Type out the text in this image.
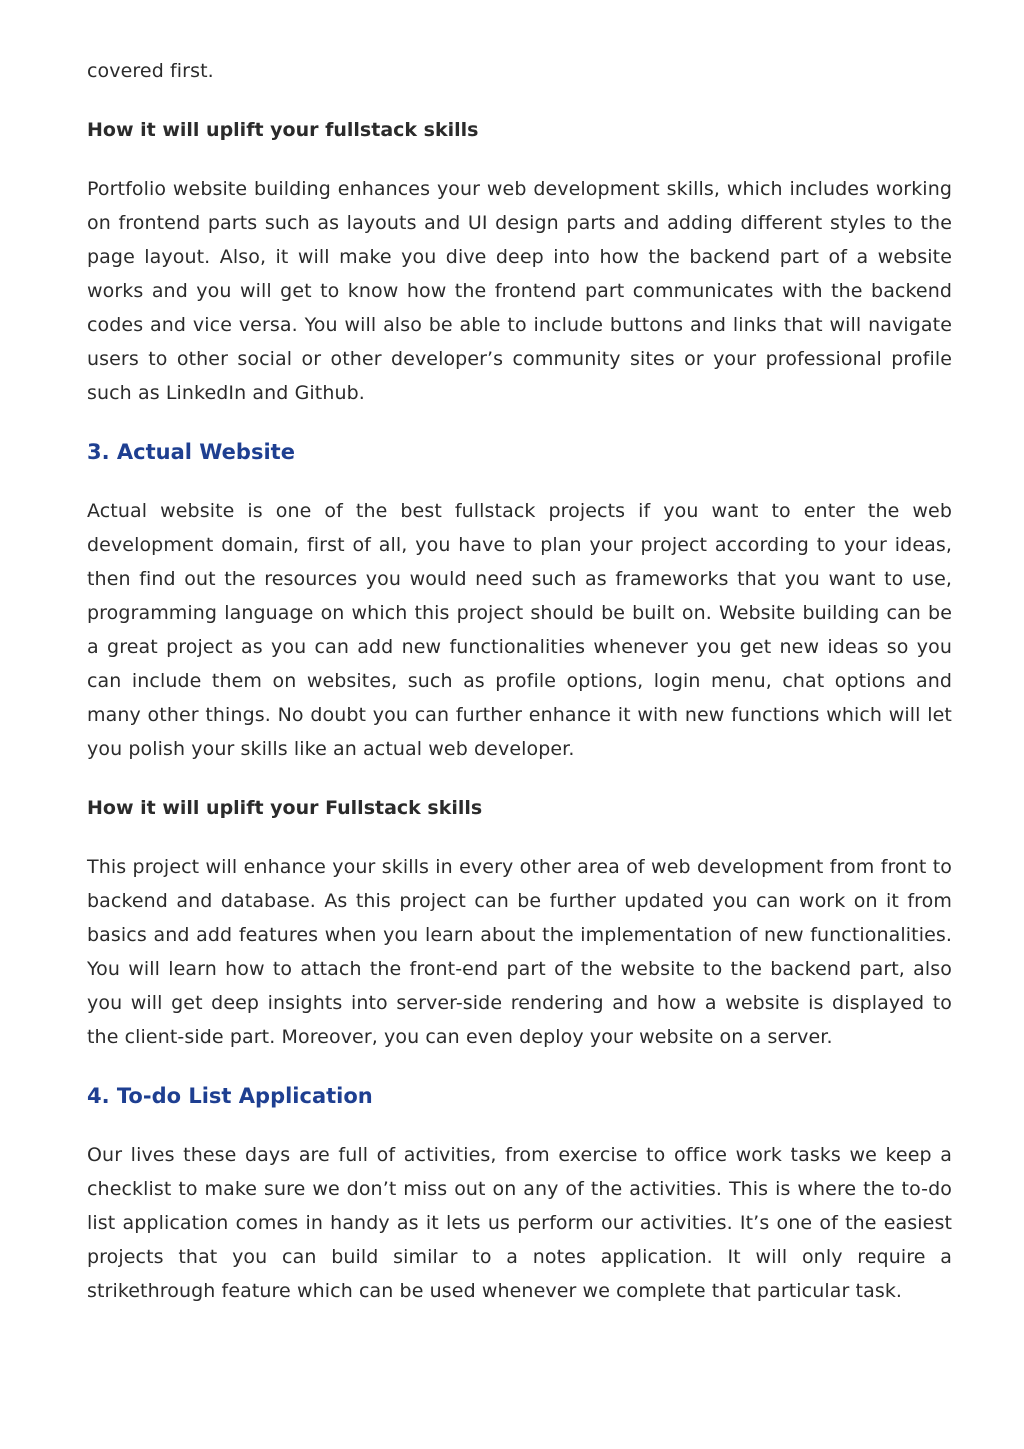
covered first.

How it will uplift your fullstack skills

Portfolio website building enhances your web development skills, which includes working on frontend parts such as layouts and UI design parts and adding different styles to the page layout. Also, it will make you dive deep into how the backend part of a website works and you will get to know how the frontend part communicates with the backend codes and vice versa. You will also be able to include buttons and links that will navigate users to other social or other developer’s community sites or your professional profile such as LinkedIn and Github.

3. Actual Website

Actual website is one of the best fullstack projects if you want to enter the web development domain, first of all, you have to plan your project according to your ideas, then find out the resources you would need such as frameworks that you want to use, programming language on which this project should be built on. Website building can be a great project as you can add new functionalities whenever you get new ideas so you can include them on websites, such as profile options, login menu, chat options and many other things. No doubt you can further enhance it with new functions which will let you polish your skills like an actual web developer.

How it will uplift your Fullstack skills

This project will enhance your skills in every other area of web development from front to backend and database. As this project can be further updated you can work on it from basics and add features when you learn about the implementation of new functionalities. You will learn how to attach the front-end part of the website to the backend part, also you will get deep insights into server-side rendering and how a website is displayed to the client-side part. Moreover, you can even deploy your website on a server.

4. To-do List Application

Our lives these days are full of activities, from exercise to office work tasks we keep a checklist to make sure we don’t miss out on any of the activities. This is where the to-do list application comes in handy as it lets us perform our activities. It’s one of the easiest projects that you can build similar to a notes application. It will only require a strikethrough feature which can be used whenever we complete that particular task.
